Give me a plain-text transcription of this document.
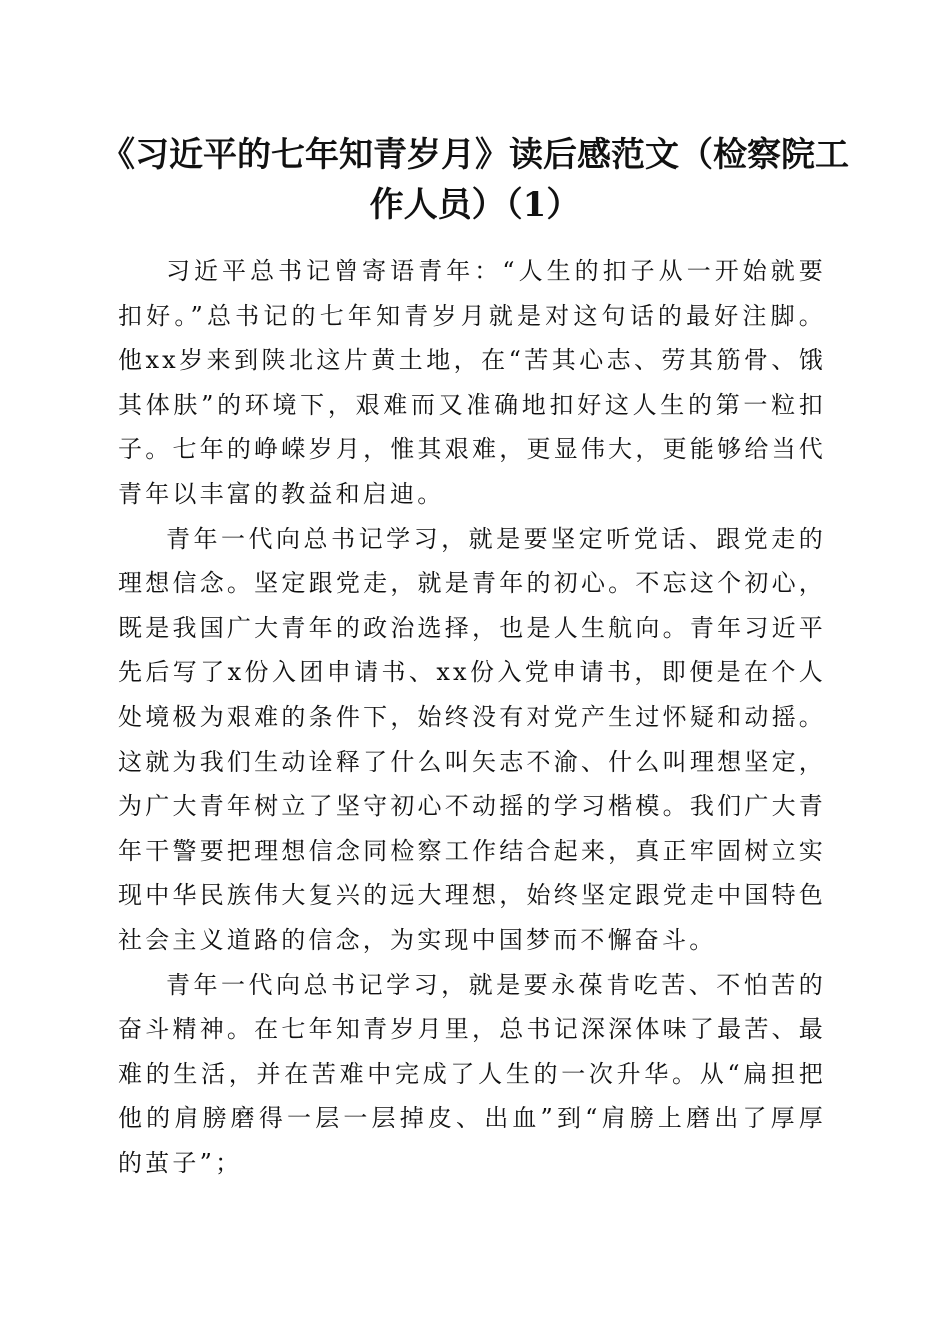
《习近平的七年知青岁月》读后感范文（检察院工作人员）（1）

习近平总书记曾寄语青年：“人生的扣子从一开始就要扣好。”总书记的七年知青岁月就是对这句话的最好注脚。他xx岁来到陕北这片黄土地，在“苦其心志、劳其筋骨、饿其体肤”的环境下，艰难而又准确地扣好这人生的第一粒扣子。七年的峥嵘岁月，惟其艰难，更显伟大，更能够给当代青年以丰富的教益和启迪。

青年一代向总书记学习，就是要坚定听党话、跟党走的理想信念。坚定跟党走，就是青年的初心。不忘这个初心，既是我国广大青年的政治选择，也是人生航向。青年习近平先后写了x份入团申请书、xx份入党申请书，即便是在个人处境极为艰难的条件下，始终没有对党产生过怀疑和动摇。这就为我们生动诠释了什么叫矢志不渝、什么叫理想坚定，为广大青年树立了坚守初心不动摇的学习楷模。我们广大青年干警要把理想信念同检察工作结合起来，真正牢固树立实现中华民族伟大复兴的远大理想，始终坚定跟党走中国特色社会主义道路的信念，为实现中国梦而不懈奋斗。

青年一代向总书记学习，就是要永葆肯吃苦、不怕苦的奋斗精神。在七年知青岁月里，总书记深深体味了最苦、最难的生活，并在苦难中完成了人生的一次升华。从“扁担把他的肩膀磨得一层一层掉皮、出血”到“肩膀上磨出了厚厚的茧子”；
